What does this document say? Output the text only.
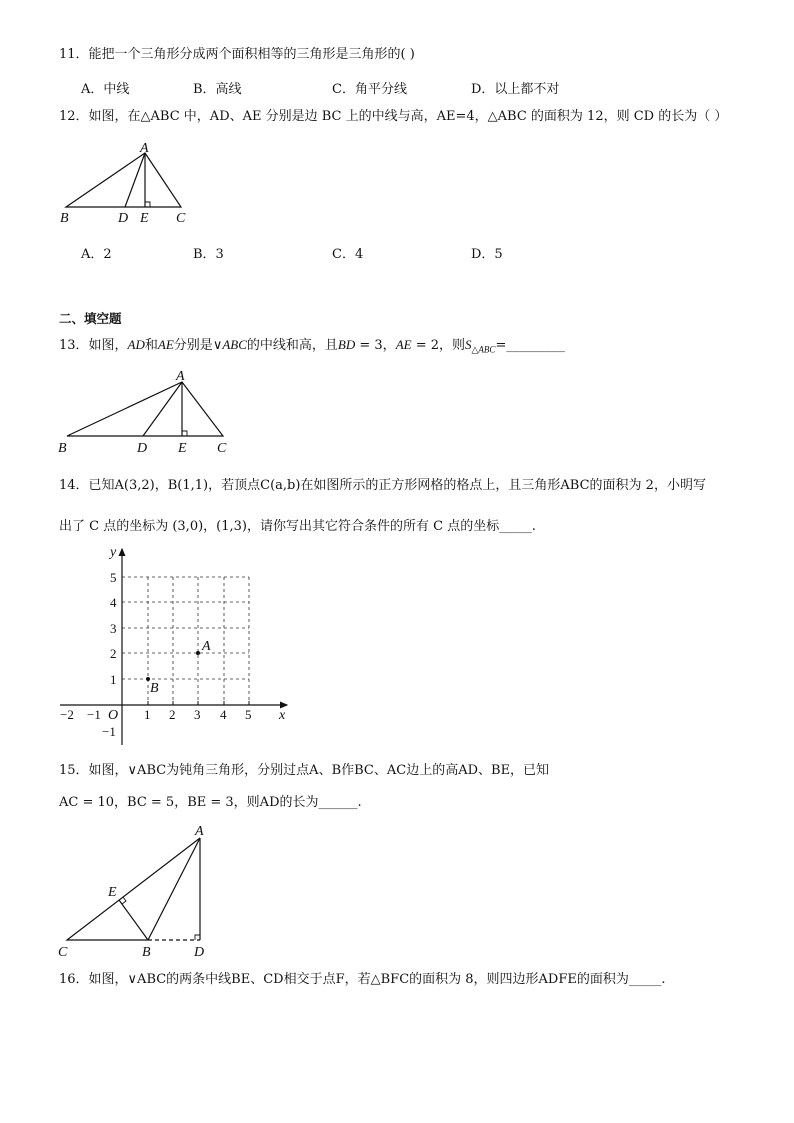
11．能把一个三角形分成两个面积相等的三角形是三角形的( )
A．中线	B．高线	C．角平分线	D．以上都不对
12．如图，在△ABC 中，AD、AE 分别是边 BC 上的中线与高，AE=4，△ABC 的面积为 12，则 CD 的长为（ ）
A
B	D E C
A．2	B．3	C．4	D．5
二、填空题
13．如图，AD和AE分别是∨ABC的中线和高，且BD = 3，AE = 2，则$S_{\triangle ABC}=\_\_\_\_\_\_\_\_\_$
A
B	D E C
14．已知A(3,2)，B(1,1)，若顶点C(a,b)在如图所示的正方形网格的格点上，且三角形ABC的面积为 2，小明写
出了 C 点的坐标为 (3,0)，(1,3)，请你写出其它符合条件的所有 C 点的坐标_____.
x
y
O
−2 −1	1 2 3 4 5
5
4
3
2
1
−1
A
B
15．如图，∨ABC为钝角三角形，分别过点A、B作BC、AC边上的高AD、BE，已知
AC = 10，BC = 5，BE = 3，则AD的长为______.
A
E
C	B	D
16．如图，∨ABC的两条中线BE、CD相交于点F，若△BFC的面积为 8，则四边形ADFE的面积为_____.
